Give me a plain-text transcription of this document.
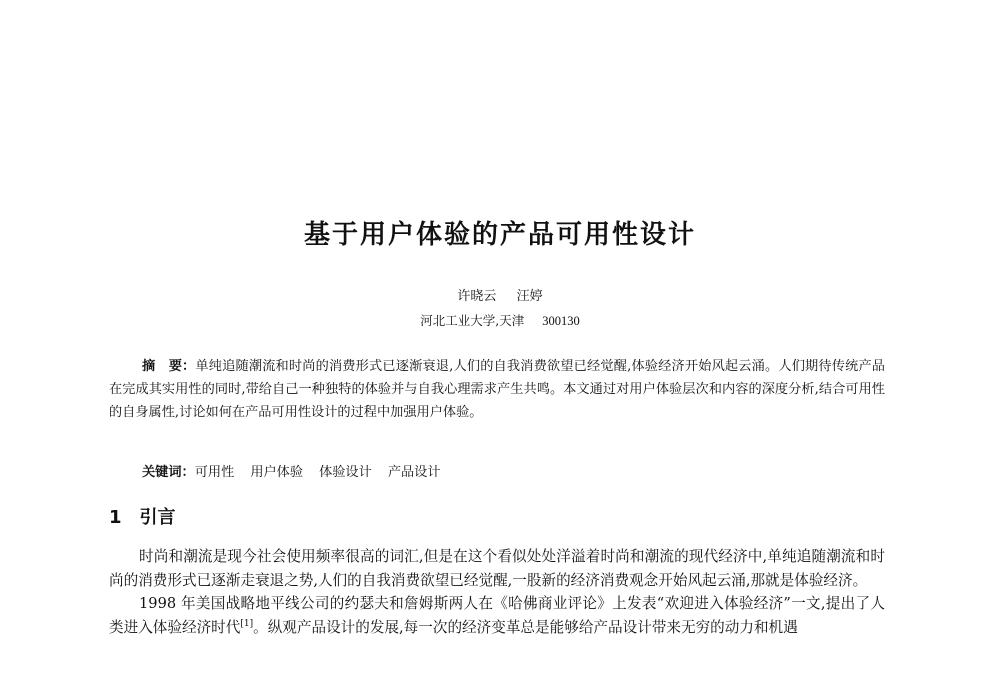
基于用户体验的产品可用性设计
许晓云 汪婷
河北工业大学,天津 300130
摘　要：单纯追随潮流和时尚的消费形式已逐渐衰退,人们的自我消费欲望已经觉醒,体验经济开始风起云涌。人们期待传统产品在完成其实用性的同时,带给自己一种独特的体验并与自我心理需求产生共鸣。本文通过对用户体验层次和内容的深度分析,结合可用性的自身属性,讨论如何在产品可用性设计的过程中加强用户体验。
关键词：可用性 用户体验 体验设计 产品设计
1 引言

时尚和潮流是现今社会使用频率很高的词汇,但是在这个看似处处洋溢着时尚和潮流的现代经济中,单纯追随潮流和时尚的消费形式已逐渐走衰退之势,人们的自我消费欲望已经觉醒,一股新的经济消费观念开始风起云涌,那就是体验经济。

1998 年美国战略地平线公司的约瑟夫和詹姆斯两人在《哈佛商业评论》上发表“欢迎进入体验经济”一文,提出了人类进入体验经济时代[1]。纵观产品设计的发展,每一次的经济变革总是能够给产品设计带来无穷的动力和机遇
